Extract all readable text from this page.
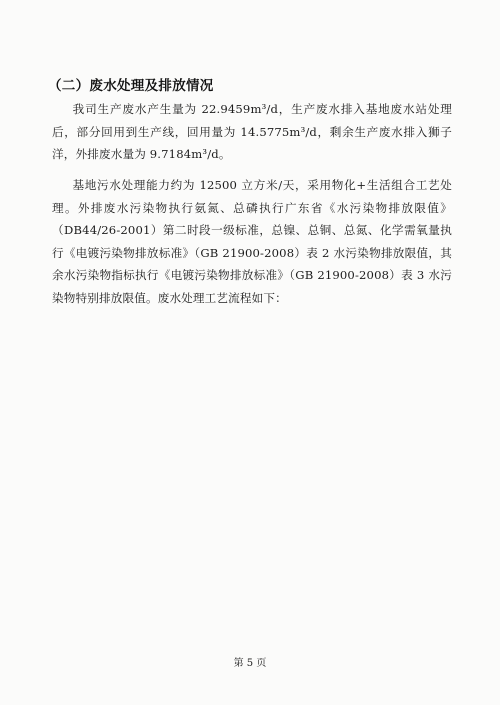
（二）废水处理及排放情况
我司生产废水产生量为 22.9459m³/d，生产废水排入基地废水站处理后，部分回用到生产线，回用量为 14.5775m³/d，剩余生产废水排入狮子洋，外排废水量为 9.7184m³/d。
基地污水处理能力约为 12500 立方米/天，采用物化+生活组合工艺处理。外排废水污染物执行氨氮、总磷执行广东省《水污染物排放限值》（DB44/26-2001）第二时段一级标准，总镍、总铜、总氮、化学需氧量执行《电镀污染物排放标准》（GB 21900-2008）表 2 水污染物排放限值，其余水污染物指标执行《电镀污染物排放标准》（GB 21900-2008）表 3 水污染物特别排放限值。废水处理工艺流程如下：
第 5 页
